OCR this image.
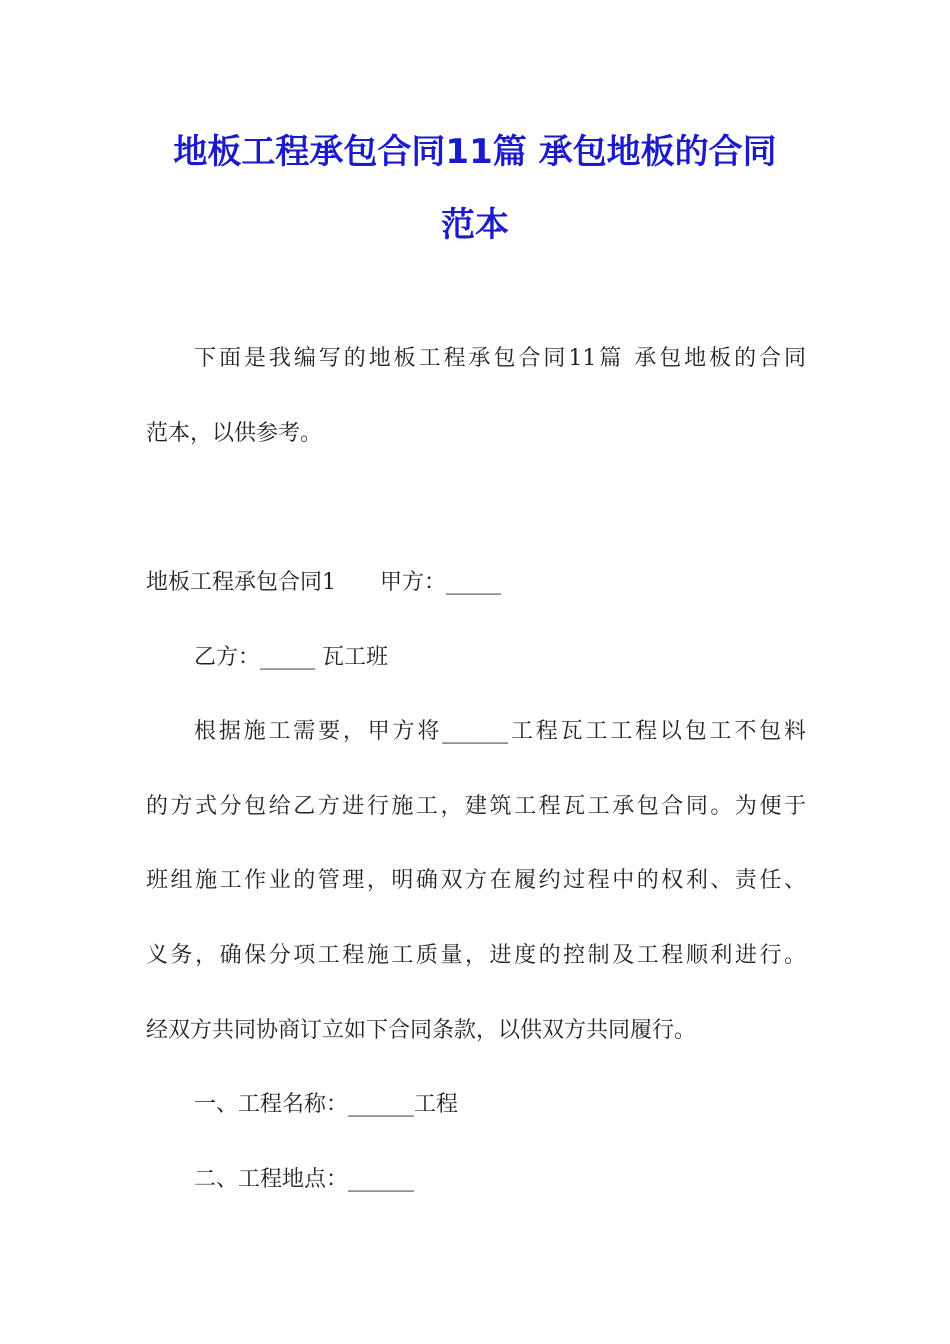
地板工程承包合同11篇 承包地板的合同
范本
下面是我编写的地板工程承包合同11篇 承包地板的合同
范本，以供参考。
地板工程承包合同1　　甲方：_____
乙方：_____ 瓦工班
根据施工需要，甲方将______工程瓦工工程以包工不包料
的方式分包给乙方进行施工，建筑工程瓦工承包合同。为便于
班组施工作业的管理，明确双方在履约过程中的权利、责任、
义务，确保分项工程施工质量，进度的控制及工程顺利进行。
经双方共同协商订立如下合同条款，以供双方共同履行。
一、工程名称：______工程
二、工程地点：______
